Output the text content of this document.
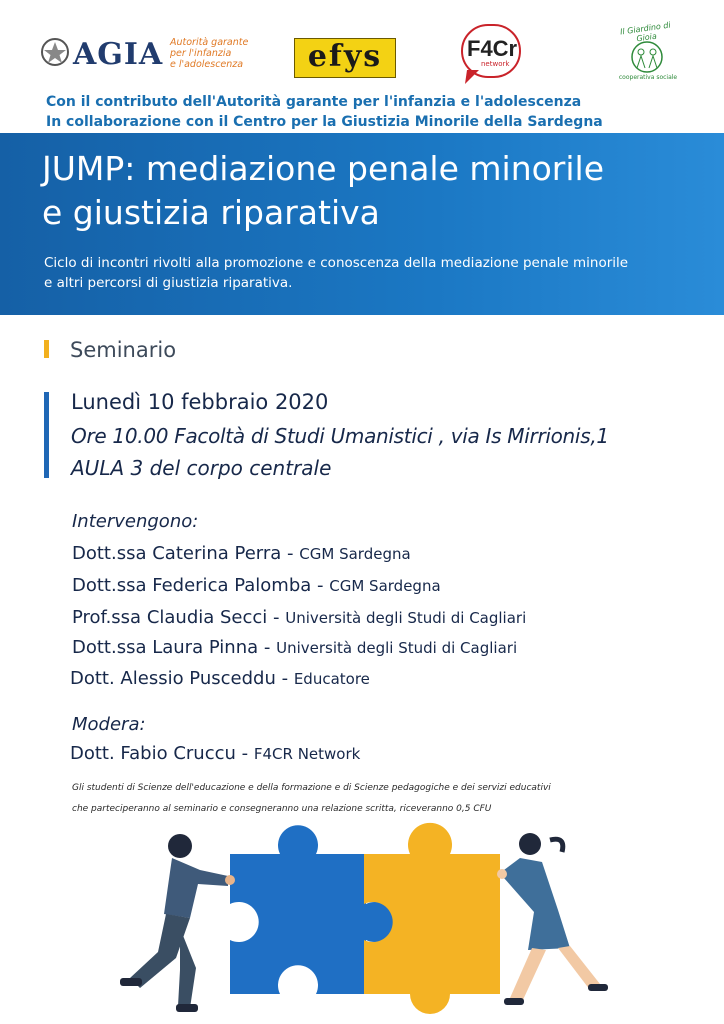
AGIA Autorità garante
per l'infanzia
e l'adolescenza	efys	F4Cr
network
Il Giardino di Gioia
cooperativa sociale
Con il contributo dell'Autorità garante per l'infanzia e l'adolescenza
In collaborazione con il Centro per la Giustizia Minorile della Sardegna
JUMP: mediazione penale minorile
e giustizia riparativa
Ciclo di incontri rivolti alla promozione e conoscenza della mediazione penale minorile
e altri percorsi di giustizia riparativa.
Seminario
Lunedì 10 febbraio 2020
Ore 10.00 Facoltà di Studi Umanistici , via Is Mirrionis,1
AULA 3 del corpo centrale
Intervengono:
Dott.ssa Caterina Perra - CGM Sardegna
Dott.ssa Federica Palomba - CGM Sardegna
Prof.ssa Claudia Secci - Università degli Studi di Cagliari
Dott.ssa Laura Pinna - Università degli Studi di Cagliari
Dott. Alessio Pusceddu - Educatore
Modera:
Dott. Fabio Cruccu - F4CR Network
Gli studenti di Scienze dell'educazione e della formazione e di Scienze pedagogiche e dei servizi educativi
che parteciperanno al seminario e consegneranno una relazione scritta, riceveranno 0,5 CFU
